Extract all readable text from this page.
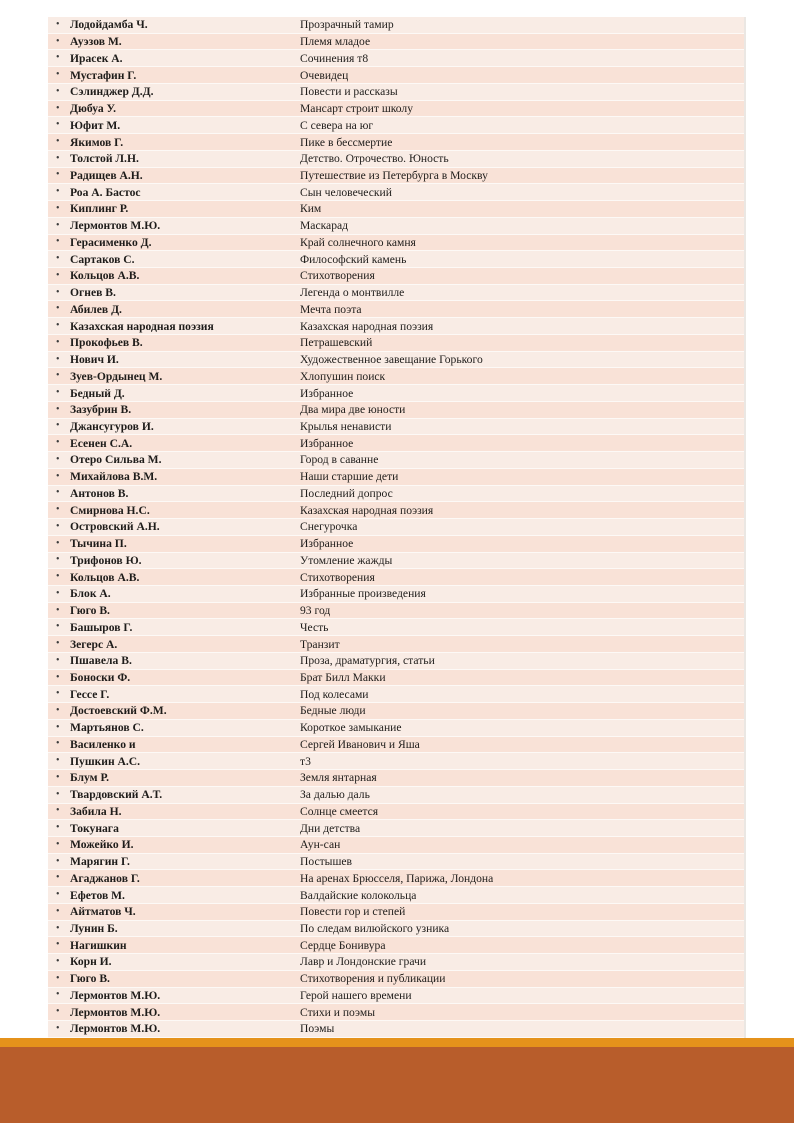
• Лодойдамба Ч.	Прозрачный тамир
• Ауэзов М.	Племя младое
• Ирасек А.	Сочинения т8
• Мустафин Г.	Очевидец
• Сэлинджер Д.Д.	Повести и рассказы
• Дюбуа У.	Мансарт строит школу
• Юфит М.	С севера на юг
• Якимов Г.	Пике в бессмертие
• Толстой Л.Н.	Детство. Отрочество. Юность
• Радищев А.Н.	Путешествие из Петербурга в Москву
• Роа А. Бастос	Сын человеческий
• Киплинг Р.	Ким
• Лермонтов М.Ю.	Маскарад
• Герасименко Д.	Край солнечного камня
• Сартаков С.	Философский камень
• Кольцов А.В.	Стихотворения
• Огнев В.	Легенда о монтвилле
• Абилев Д.	Мечта поэта
• Казахская народная поэзия	Казахская народная поэзия
• Прокофьев В.	Петрашевский
• Нович И.	Художественное завещание Горького
• Зуев-Ордынец М.	Хлопушин поиск
• Бедный Д.	Избранное
• Зазубрин В.	Два мира две юности
• Джансугуров И.	Крылья ненависти
• Есенен С.А.	Избранное
• Отеро Сильва М.	Город в саванне
• Михайлова В.М.	Наши старшие дети
• Антонов В.	Последний допрос
• Смирнова Н.С.	Казахская народная поэзия
• Островский А.Н.	Снегурочка
• Тычина П.	Избранное
• Трифонов Ю.	Утомление жажды
• Кольцов А.В.	Стихотворения
• Блок А.	Избранные произведения
• Гюго В.	93 год
• Башыров Г.	Честь
• Зегерс А.	Транзит
• Пшавела В.	Проза, драматургия, статьи
• Боноски Ф.	Брат Билл Макки
• Гессе Г.	Под колесами
• Достоевский Ф.М.	Бедные люди
• Мартьянов С.	Короткое замыкание
• Василенко и	Сергей Иванович и Яша
• Пушкин А.С.	т3
• Блум Р.	Земля янтарная
• Твардовский А.Т.	За далью даль
• Забила Н.	Солнце смеется
• Токунага	Дни детства
• Можейко И.	Аун-сан
• Марягин Г.	Постышев
• Агаджанов Г.	На аренах Брюсселя, Парижа, Лондона
• Ефетов М.	Валдайские колокольца
• Айтматов Ч.	Повести гор и степей
• Лунин Б.	По следам вилюйского узника
• Нагишкин	Сердце Бонивура
• Корн И.	Лавр и Лондонские грачи
• Гюго В.	Стихотворения и публикации
• Лермонтов М.Ю.	Герой нашего времени
• Лермонтов М.Ю.	Стихи и поэмы
• Лермонтов М.Ю.	Поэмы
